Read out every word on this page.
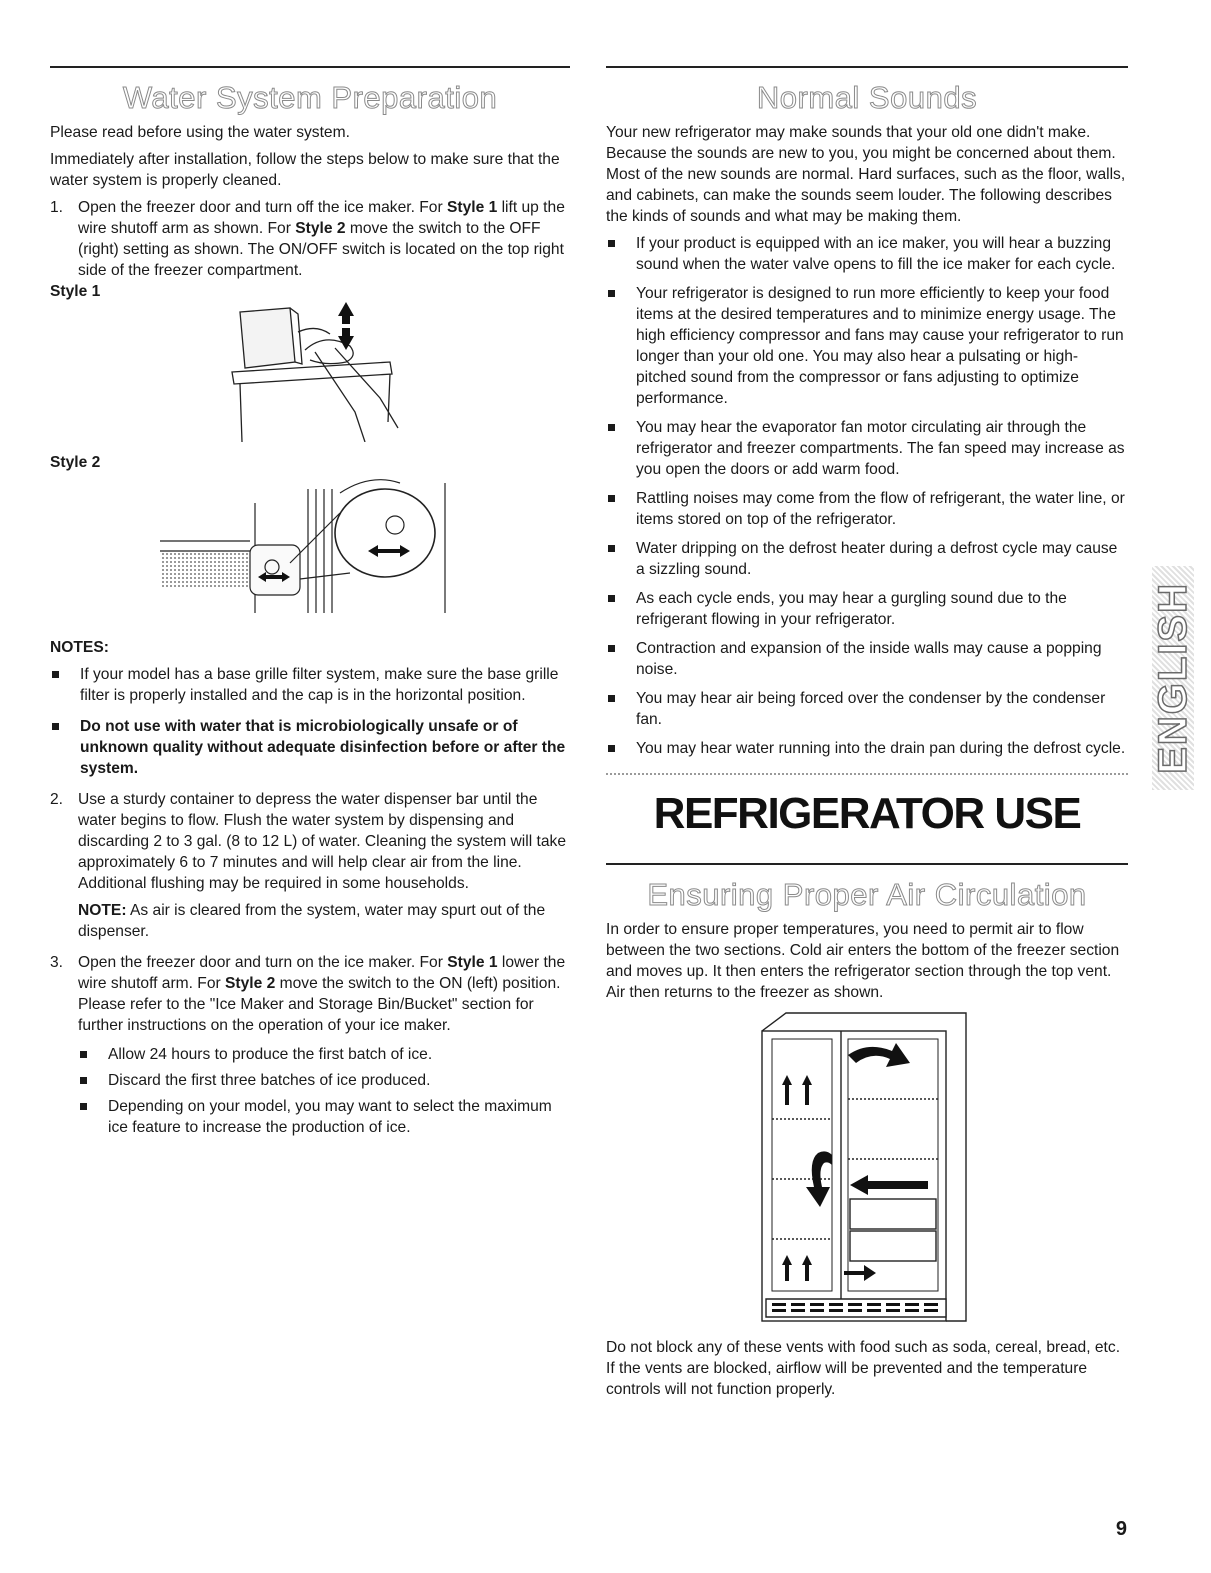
Water System Preparation

Please read before using the water system.

Immediately after installation, follow the steps below to make sure that the water system is properly cleaned.

1. Open the freezer door and turn off the ice maker. For Style 1 lift up the wire shutoff arm as shown. For Style 2 move the switch to the OFF (right) setting as shown. The ON/OFF switch is located on the top right side of the freezer compartment.
Style 1
Style 2
NOTES:
If your model has a base grille filter system, make sure the base grille filter is properly installed and the cap is in the horizontal position.
Do not use with water that is microbiologically unsafe or of unknown quality without adequate disinfection before or after the system.
2. Use a sturdy container to depress the water dispenser bar until the water begins to flow. Flush the water system by dispensing and discarding 2 to 3 gal. (8 to 12 L) of water. Cleaning the system will take approximately 6 to 7 minutes and will help clear air from the line. Additional flushing may be required in some households.
NOTE: As air is cleared from the system, water may spurt out of the dispenser.
3. Open the freezer door and turn on the ice maker. For Style 1 lower the wire shutoff arm. For Style 2 move the switch to the ON (left) position. Please refer to the "Ice Maker and Storage Bin/Bucket" section for further instructions on the operation of your ice maker.
Allow 24 hours to produce the first batch of ice.
Discard the first three batches of ice produced.
Depending on your model, you may want to select the maximum ice feature to increase the production of ice.
Normal Sounds

Your new refrigerator may make sounds that your old one didn't make. Because the sounds are new to you, you might be concerned about them. Most of the new sounds are normal. Hard surfaces, such as the floor, walls, and cabinets, can make the sounds seem louder. The following describes the kinds of sounds and what may be making them.

If your product is equipped with an ice maker, you will hear a buzzing sound when the water valve opens to fill the ice maker for each cycle.
Your refrigerator is designed to run more efficiently to keep your food items at the desired temperatures and to minimize energy usage. The high efficiency compressor and fans may cause your refrigerator to run longer than your old one. You may also hear a pulsating or high-pitched sound from the compressor or fans adjusting to optimize performance.
You may hear the evaporator fan motor circulating air through the refrigerator and freezer compartments. The fan speed may increase as you open the doors or add warm food.
Rattling noises may come from the flow of refrigerant, the water line, or items stored on top of the refrigerator.
Water dripping on the defrost heater during a defrost cycle may cause a sizzling sound.
As each cycle ends, you may hear a gurgling sound due to the refrigerant flowing in your refrigerator.
Contraction and expansion of the inside walls may cause a popping noise.
You may hear air being forced over the condenser by the condenser fan.
You may hear water running into the drain pan during the defrost cycle.
REFRIGERATOR USE
Ensuring Proper Air Circulation

In order to ensure proper temperatures, you need to permit air to flow between the two sections. Cold air enters the bottom of the freezer section and moves up. It then enters the refrigerator section through the top vent. Air then returns to the freezer as shown.

Do not block any of these vents with food such as soda, cereal, bread, etc. If the vents are blocked, airflow will be prevented and the temperature controls will not function properly.

ENGLISH
9
